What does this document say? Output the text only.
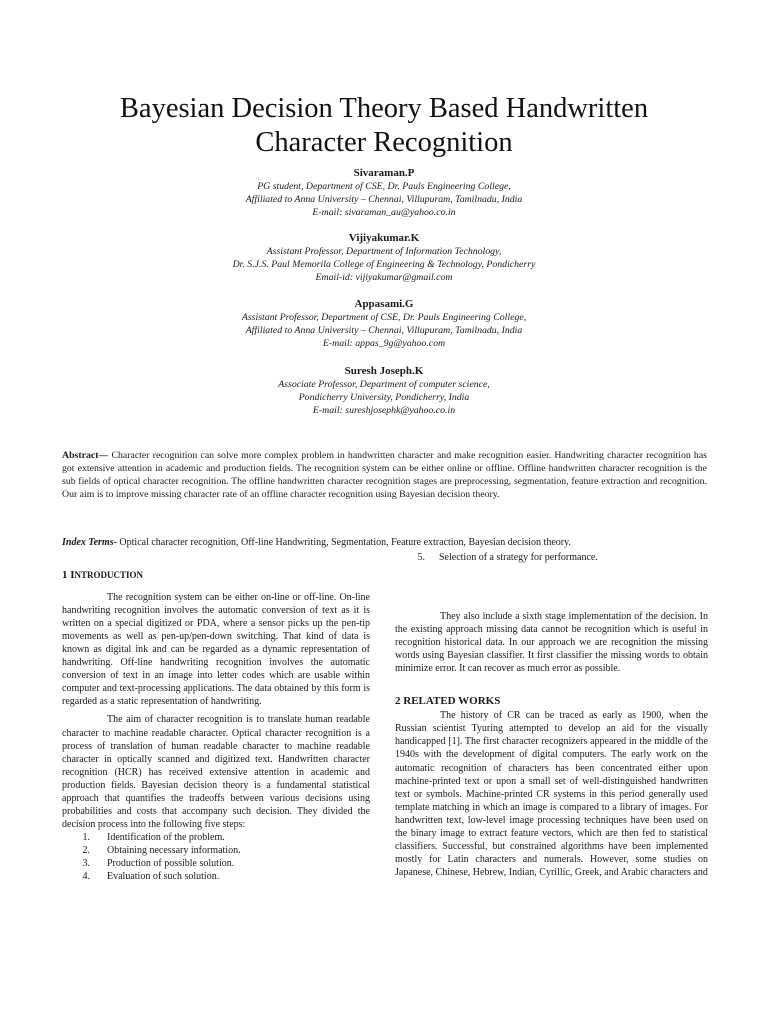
Bayesian Decision Theory Based Handwritten
Character Recognition
Sivaraman.P
PG student, Department of CSE, Dr. Pauls Engineering College,
Affiliated to Anna University – Chennai, Villupuram, Tamilnadu, India
E-mail: sivaraman_au@yahoo.co.in
Vijiyakumar.K
Assistant Professor, Department of Information Technology,
Dr. S.J.S. Paul Memorila College of Engineering & Technology, Pondicherry
Email-id: vijiyakumar@gmail.com
Appasami.G
Assistant Professor, Department of CSE, Dr. Pauls Engineering College,
Affiliated to Anna University – Chennai, Villupuram, Tamilnadu, India
E-mail: appas_9g@yahoo.com
Suresh Joseph.K
Associate Professor, Department of computer science,
Pondicherry University, Pondicherry, India
E-mail: sureshjosephk@yahoo.co.in
Abstract— Character recognition can solve more complex problem in handwritten character and make recognition easier. Handwriting character recognition has got extensive attention in academic and production fields. The recognition system can be either online or offline. Offline handwritten character recognition is the sub fields of optical character recognition. The offline handwritten character recognition stages are preprocessing, segmentation, feature extraction and recognition. Our aim is to improve missing character rate of an offline character recognition using Bayesian decision theory.
Index Terms- Optical character recognition, Off-line Handwriting, Segmentation, Feature extraction, Bayesian decision theory.
1 INTRODUCTION

The recognition system can be either on-line or off-line. On-line handwriting recognition involves the automatic conversion of text as it is written on a special digitized or PDA, where a sensor picks up the pen-tip movements as well as pen-up/pen-down switching. That kind of data is known as digital ink and can be regarded as a dynamic representation of handwriting. Off-line handwriting recognition involves the automatic conversion of text in an image into letter codes which are usable within computer and text-processing applications. The data obtained by this form is regarded as a static representation of handwriting.

The aim of character recognition is to translate human readable character to machine readable character. Optical character recognition is a process of translation of human readable character to machine readable character in optically scanned and digitized text. Handwritten character recognition (HCR) has received extensive attention in academic and production fields. Bayesian decision theory is a fundamental statistical approach that quantifies the tradeoffs between various decisions using probabilities and costs that accompany such decision. They divided the decision process into the following five steps:

1.	Identification of the problem.
2.	Obtaining necessary information.
3.	Production of possible solution.
4.	Evaluation of such solution.
5.	Selection of a strategy for performance.

They also include a sixth stage implementation of the decision. In the existing approach missing data cannot be recognition which is useful in recognition historical data. In our approach we are recognition the missing words using Bayesian classifier. It first classifier the missing words to obtain minimize error. It can recover as much error as possible.

2 RELATED WORKS

The history of CR can be traced as early as 1900, when the Russian scientist Tyuring attempted to develop an aid for the visually handicapped [1]. The first character recognizers appeared in the middle of the 1940s with the development of digital computers. The early work on the automatic recognition of characters has been concentrated either upon machine-printed text or upon a small set of well-distinguished handwritten text or symbols. Machine-printed CR systems in this period generally used template matching in which an image is compared to a library of images. For handwritten text, low-level image processing techniques have been used on the binary image to extract feature vectors, which are then fed to statistical classifiers. Successful, but constrained algorithms have been implemented mostly for Latin characters and numerals. However, some studies on Japanese, Chinese, Hebrew, Indian, Cyrillic, Greek, and Arabic characters and
